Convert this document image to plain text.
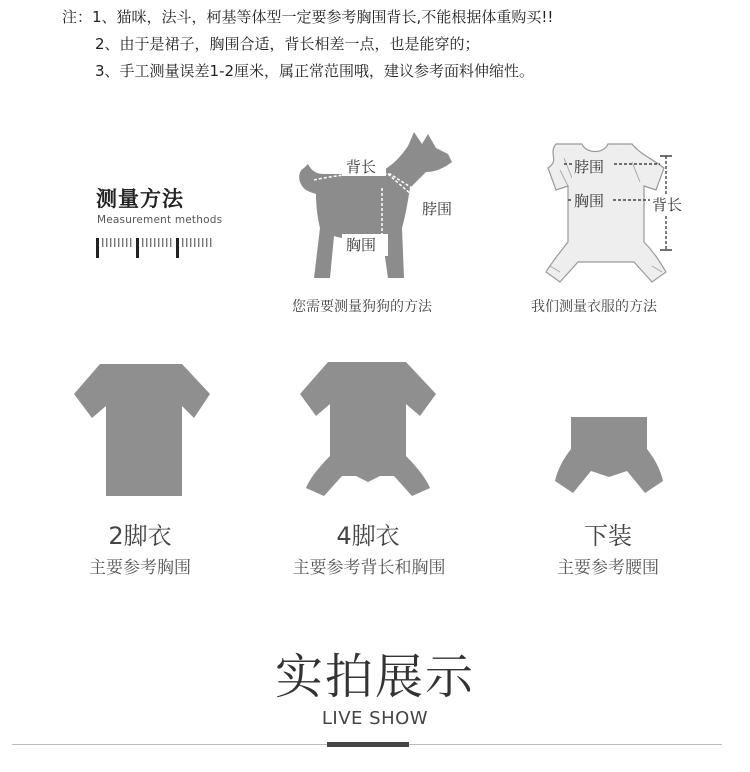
注：1、猫咪，法斗，柯基等体型一定要参考胸围背长,不能根据体重购买!!
2、由于是裙子，胸围合适，背长相差一点，也是能穿的；
3、手工测量误差1-2厘米，属正常范围哦，建议参考面料伸缩性。
测量方法
Measurement methods
背长
脖围
胸围
您需要测量狗狗的方法
脖围
胸围	背长
我们测量衣服的方法
2脚衣
主要参考胸围
4脚衣
主要参考背长和胸围
下装
主要参考腰围
实拍展示
LIVE SHOW
